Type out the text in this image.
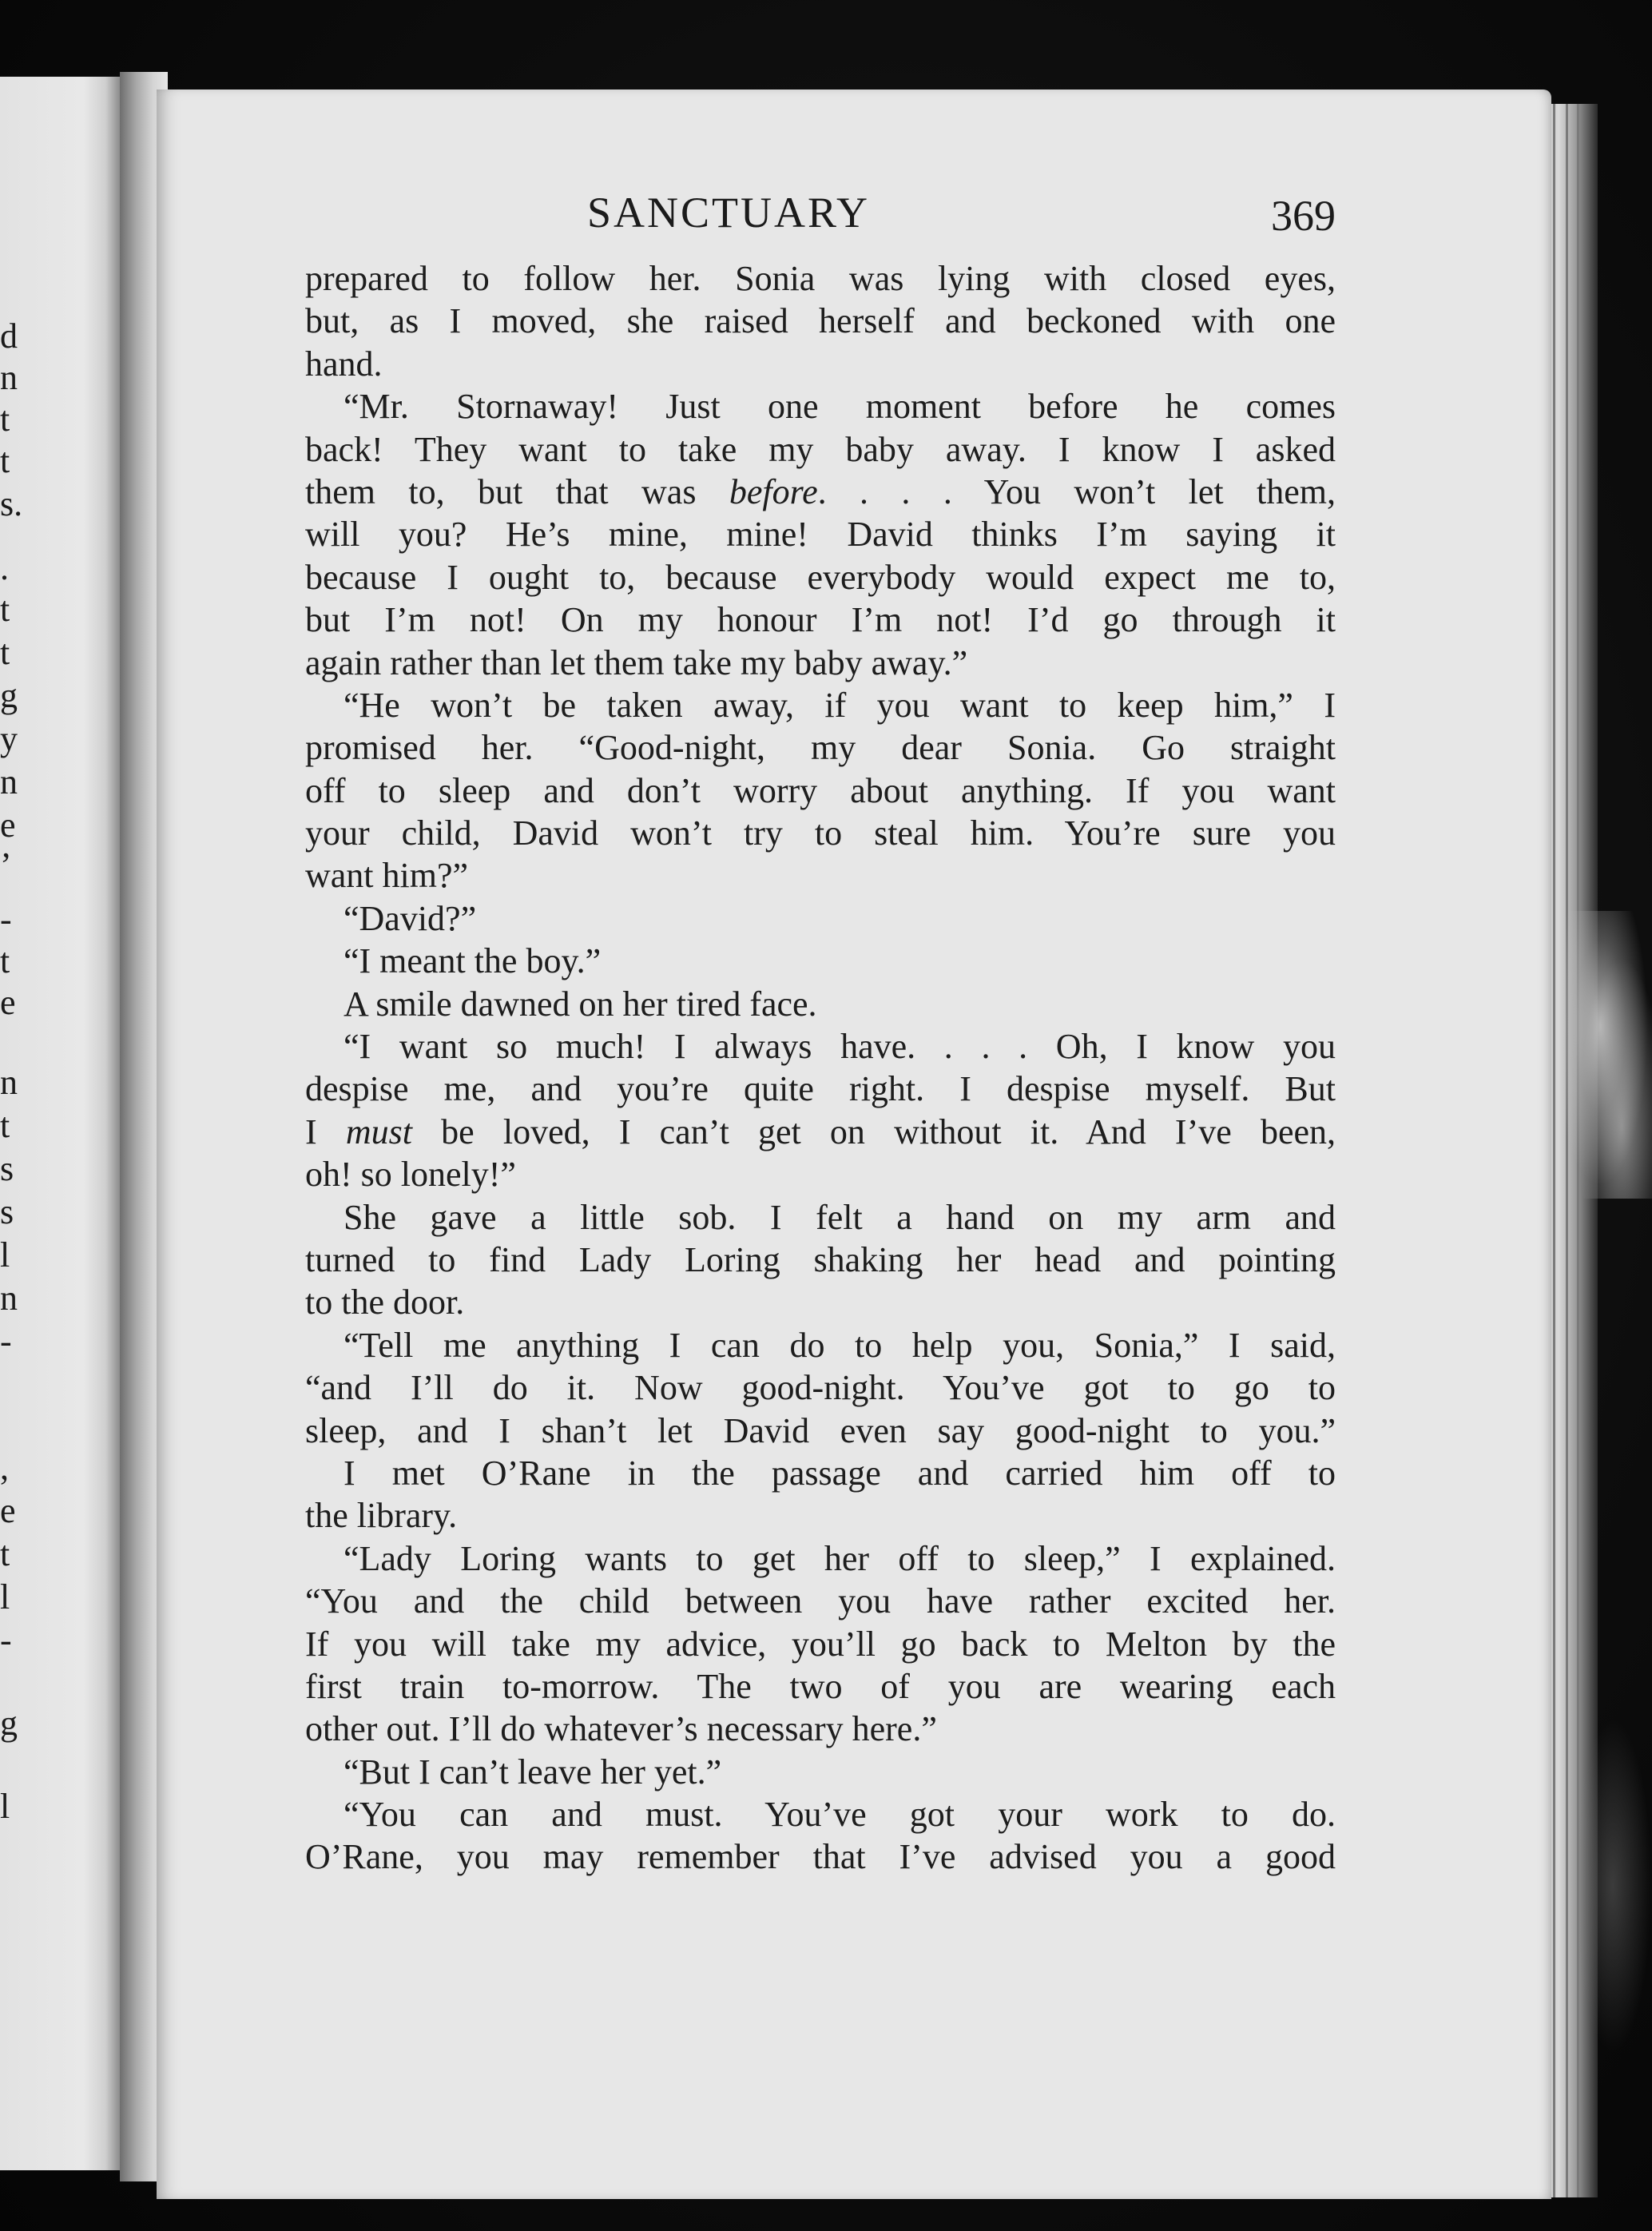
d
n
t
t
s.
.
t
t
g
y
n
e
’
-
t
e
n
t
s
s
l
n
-
,
e
t
l
-
g
l
SANCTUARY	369
prepared to follow her. Sonia was lying with closed eyes,
but, as I moved, she raised herself and beckoned with one
hand.
“Mr. Stornaway! Just one moment before he comes
back! They want to take my baby away. I know I asked
them to, but that was before. . . . You won’t let them,
will you? He’s mine, mine! David thinks I’m saying it
because I ought to, because everybody would expect me to,
but I’m not! On my honour I’m not! I’d go through it
again rather than let them take my baby away.”
“He won’t be taken away, if you want to keep him,” I
promised her. “Good-night, my dear Sonia. Go straight
off to sleep and don’t worry about anything. If you want
your child, David won’t try to steal him. You’re sure you
want him?”
“David?”
“I meant the boy.”
A smile dawned on her tired face.
“I want so much! I always have. . . . Oh, I know you
despise me, and you’re quite right. I despise myself. But
I must be loved, I can’t get on without it. And I’ve been,
oh! so lonely!”
She gave a little sob. I felt a hand on my arm and
turned to find Lady Loring shaking her head and pointing
to the door.
“Tell me anything I can do to help you, Sonia,” I said,
“and I’ll do it. Now good-night. You’ve got to go to
sleep, and I shan’t let David even say good-night to you.”
I met O’Rane in the passage and carried him off to
the library.
“Lady Loring wants to get her off to sleep,” I explained.
“You and the child between you have rather excited her.
If you will take my advice, you’ll go back to Melton by the
first train to-morrow. The two of you are wearing each
other out. I’ll do whatever’s necessary here.”
“But I can’t leave her yet.”
“You can and must. You’ve got your work to do.
O’Rane, you may remember that I’ve advised you a good
